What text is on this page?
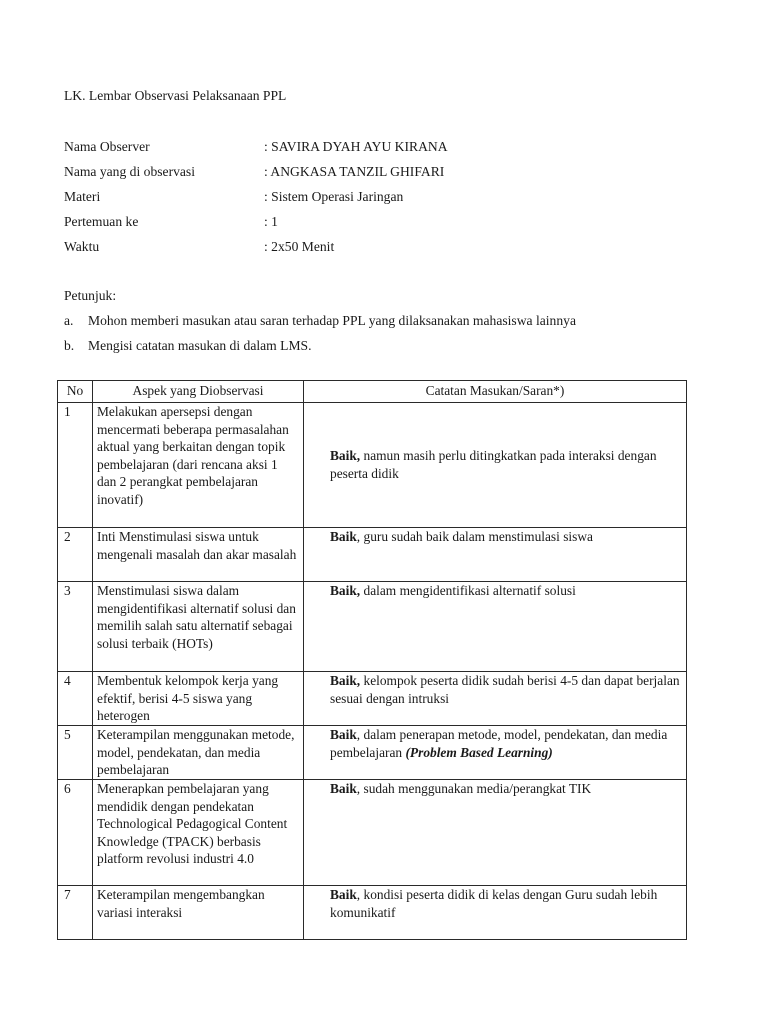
LK. Lembar Observasi Pelaksanaan PPL
Nama Observer	: SAVIRA DYAH AYU KIRANA
Nama yang di observasi	: ANGKASA TANZIL GHIFARI
Materi	: Sistem Operasi Jaringan
Pertemuan ke	: 1
Waktu	: 2x50 Menit
Petunjuk:
a. Mohon memberi masukan atau saran terhadap PPL yang dilaksanakan mahasiswa lainnya
b. Mengisi catatan masukan di dalam LMS.
No	Aspek yang Diobservasi	Catatan Masukan/Saran*)
1	Melakukan apersepsi dengan mencermati beberapa permasalahan aktual yang berkaitan dengan topik pembelajaran (dari rencana aksi 1 dan 2 perangkat pembelajaran inovatif)	Baik, namun masih perlu ditingkatkan pada interaksi dengan peserta didik
2	Inti Menstimulasi siswa untuk mengenali masalah dan akar masalah	Baik, guru sudah baik dalam menstimulasi siswa
3	Menstimulasi siswa dalam mengidentifikasi alternatif solusi dan memilih salah satu alternatif sebagai solusi terbaik (HOTs)	Baik, dalam mengidentifikasi alternatif solusi
4	Membentuk kelompok kerja yang efektif, berisi 4-5 siswa yang heterogen	Baik, kelompok peserta didik sudah berisi 4-5 dan dapat berjalan sesuai dengan intruksi
5	Keterampilan menggunakan metode, model, pendekatan, dan media pembelajaran	Baik, dalam penerapan metode, model, pendekatan, dan media pembelajaran (Problem Based Learning)
6	Menerapkan pembelajaran yang mendidik dengan pendekatan Technological Pedagogical Content Knowledge (TPACK) berbasis platform revolusi industri 4.0	Baik, sudah menggunakan media/perangkat TIK
7	Keterampilan mengembangkan variasi interaksi	Baik, kondisi peserta didik di kelas dengan Guru sudah lebih komunikatif
